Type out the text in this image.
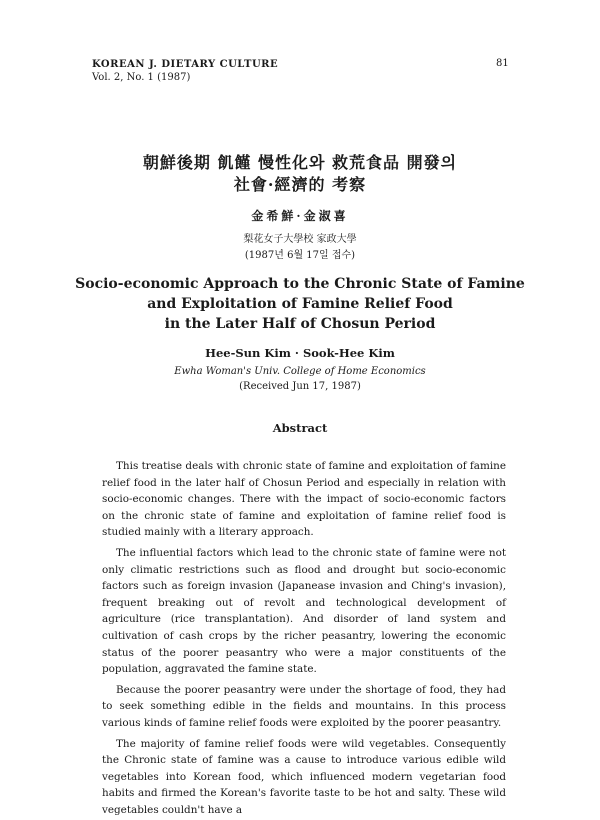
KOREAN J. DIETARY CULTURE
Vol. 2, No. 1 (1987)
81
朝鮮後期 飢饉 慢性化와 救荒食品 開發의
社會·經濟的 考察
金希鮮·金淑喜
梨花女子大學校 家政大學
(1987년 6월 17일 접수)
Socio-economic Approach to the Chronic State of Famine
and Exploitation of Famine Relief Food
in the Later Half of Chosun Period
Hee-Sun Kim · Sook-Hee Kim
Ewha Woman's Univ. College of Home Economics
(Received Jun 17, 1987)
Abstract

This treatise deals with chronic state of famine and exploitation of famine relief food in the later half of Chosun Period and especially in relation with socio-economic changes. There with the impact of socio-economic factors on the chronic state of famine and exploitation of famine relief food is studied mainly with a literary approach.

The influential factors which lead to the chronic state of famine were not only climatic restrictions such as flood and drought but socio-economic factors such as foreign invasion (Japanease invasion and Ching's invasion), frequent breaking out of revolt and technological development of agriculture (rice transplantation). And disorder of land system and cultivation of cash crops by the richer peasantry, lowering the economic status of the poorer peasantry who were a major constituents of the population, aggravated the famine state.

Because the poorer peasantry were under the shortage of food, they had to seek something edible in the fields and mountains. In this process various kinds of famine relief foods were exploited by the poorer peasantry.

The majority of famine relief foods were wild vegetables. Consequently the Chronic state of famine was a cause to introduce various edible wild vegetables into Korean food, which influenced modern vegetarian food habits and firmed the Korean's favorite taste to be hot and salty. These wild vegetables couldn't have a
